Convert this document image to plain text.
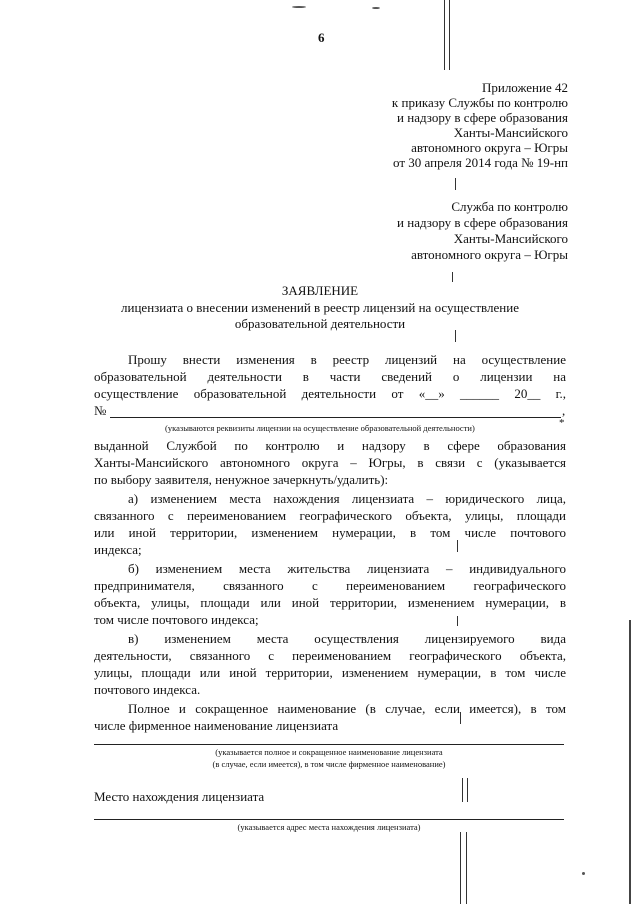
6
Приложение 42
к приказу Службы по контролю
и надзору в сфере образования
Ханты-Мансийского
автономного округа – Югры
от 30 апреля 2014 года № 19-нп
Служба по контролю
и надзору в сфере образования
Ханты-Мансийского
автономного округа – Югры
ЗАЯВЛЕНИЕ
лицензиата о внесении изменений в реестр лицензий на осуществление
образовательной деятельности
Прошу внести изменения в реестр лицензий на осуществление
образовательной деятельности в части сведений о лицензии на
осуществление образовательной деятельности от «__» ______ 20__ г.,
№	,
(указываются реквизиты лицензии на осуществление образовательной деятельности)	*
выданной Службой по контролю и надзору в сфере образования
Ханты-Мансийского автономного округа – Югры, в связи с (указывается
по выбору заявителя, ненужное зачеркнуть/удалить):
а) изменением места нахождения лицензиата – юридического лица,
связанного с переименованием географического объекта, улицы, площади
или иной территории, изменением нумерации, в том числе почтового
индекса;
б) изменением места жительства лицензиата – индивидуального
предпринимателя, связанного с переименованием географического
объекта, улицы, площади или иной территории, изменением нумерации, в
том числе почтового индекса;
в) изменением места осуществления лицензируемого вида
деятельности, связанного с переименованием географического объекта,
улицы, площади или иной территории, изменением нумерации, в том числе
почтового индекса.
Полное и сокращенное наименование (в случае, если имеется), в том
числе фирменное наименование лицензиата
(указывается полное и сокращенное наименование лицензиата
(в случае, если имеется), в том числе фирменное наименование)
Место нахождения лицензиата
(указывается адрес места нахождения лицензиата)
